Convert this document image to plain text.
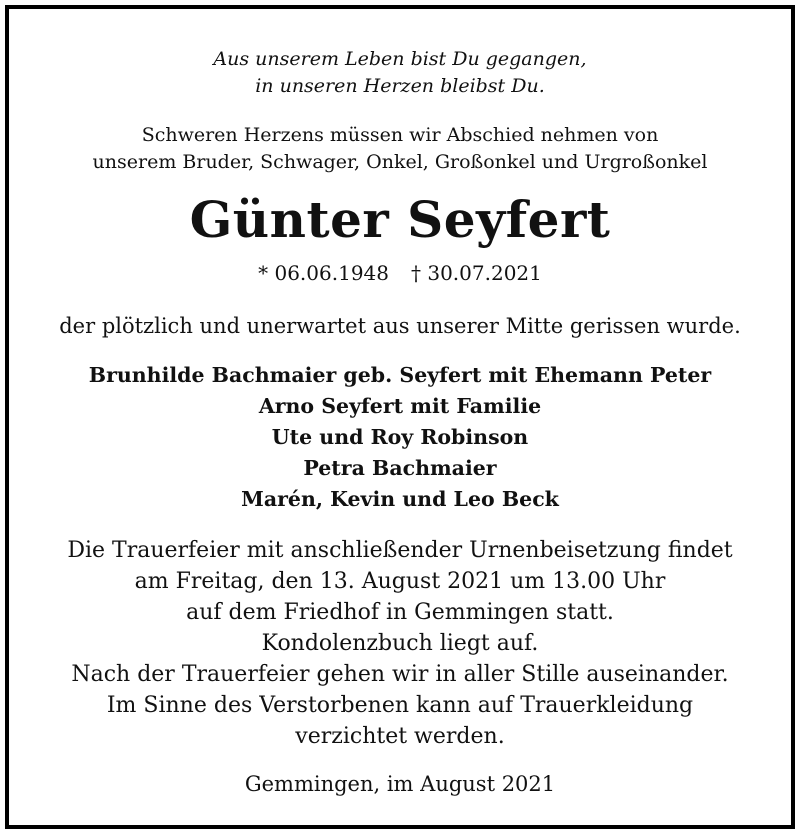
Aus unserem Leben bist Du gegangen,
in unseren Herzen bleibst Du.
Schweren Herzens müssen wir Abschied nehmen von
unserem Bruder, Schwager, Onkel, Großonkel und Urgroßonkel
Günter Seyfert
* 06.06.1948 † 30.07.2021
der plötzlich und unerwartet aus unserer Mitte gerissen wurde.
Brunhilde Bachmaier geb. Seyfert mit Ehemann Peter
Arno Seyfert mit Familie
Ute und Roy Robinson
Petra Bachmaier
Marén, Kevin und Leo Beck
Die Trauerfeier mit anschließender Urnenbeisetzung findet
am Freitag, den 13. August 2021 um 13.00 Uhr
auf dem Friedhof in Gemmingen statt.
Kondolenzbuch liegt auf.
Nach der Trauerfeier gehen wir in aller Stille auseinander.
Im Sinne des Verstorbenen kann auf Trauerkleidung
verzichtet werden.
Gemmingen, im August 2021
